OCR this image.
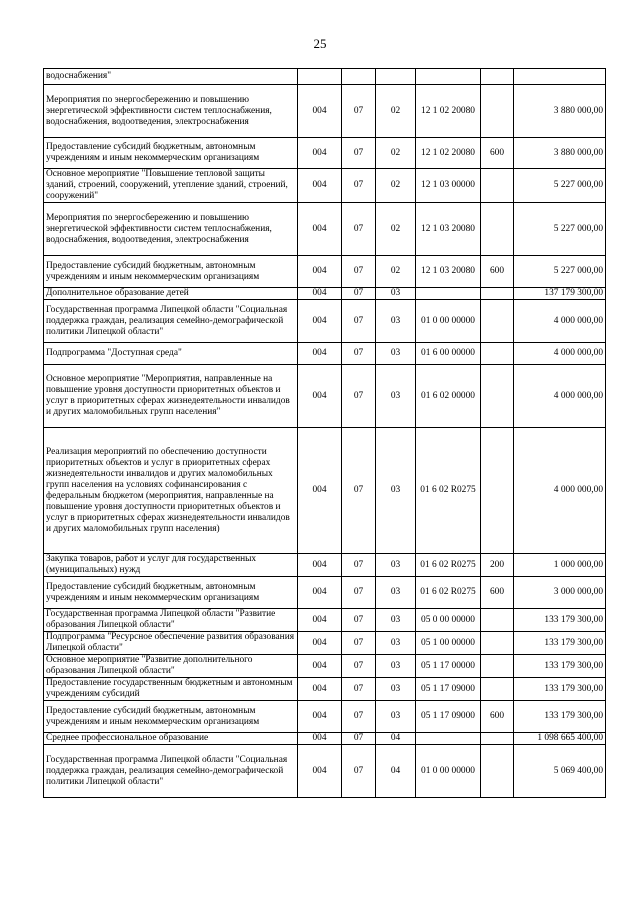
25
водоснабжения"						
Мероприятия по энергосбережению и повышению энергетической эффективности систем теплоснабжения, водоснабжения, водоотведения, электроснабжения	004	07	02	12 1 02 20080		3 880 000,00
Предоставление субсидий бюджетным, автономным учреждениям и иным некоммерческим организациям	004	07	02	12 1 02 20080	600	3 880 000,00
Основное мероприятие "Повышение тепловой защиты зданий, строений, сооружений, утепление зданий, строений, сооружений"	004	07	02	12 1 03 00000		5 227 000,00
Мероприятия по энергосбережению и повышению энергетической эффективности систем теплоснабжения, водоснабжения, водоотведения, электроснабжения	004	07	02	12 1 03 20080		5 227 000,00
Предоставление субсидий бюджетным, автономным учреждениям и иным некоммерческим организациям	004	07	02	12 1 03 20080	600	5 227 000,00
Дополнительное образование детей	004	07	03			137 179 300,00
Государственная программа Липецкой области "Социальная поддержка граждан, реализация семейно-демографической политики Липецкой области"	004	07	03	01 0 00 00000		4 000 000,00
Подпрограмма "Доступная среда"	004	07	03	01 6 00 00000		4 000 000,00
Основное мероприятие "Мероприятия, направленные на повышение уровня доступности приоритетных объектов и услуг в приоритетных сферах жизнедеятельности инвалидов и других маломобильных групп населения"	004	07	03	01 6 02 00000		4 000 000,00
Реализация мероприятий по обеспечению доступности приоритетных объектов и услуг в приоритетных сферах жизнедеятельности инвалидов и других маломобильных групп населения на условиях софинансирования с федеральным бюджетом (мероприятия, направленные на повышение уровня доступности приоритетных объектов и услуг в приоритетных сферах жизнедеятельности инвалидов и других маломобильных групп населения)	004	07	03	01 6 02 R0275		4 000 000,00
Закупка товаров, работ и услуг для государственных (муниципальных) нужд	004	07	03	01 6 02 R0275	200	1 000 000,00
Предоставление субсидий бюджетным, автономным учреждениям и иным некоммерческим организациям	004	07	03	01 6 02 R0275	600	3 000 000,00
Государственная программа Липецкой области "Развитие образования Липецкой области"	004	07	03	05 0 00 00000		133 179 300,00
Подпрограмма "Ресурсное обеспечение развития образования Липецкой области"	004	07	03	05 1 00 00000		133 179 300,00
Основное мероприятие "Развитие дополнительного образования Липецкой области"	004	07	03	05 1 17 00000		133 179 300,00
Предоставление государственным бюджетным и автономным учреждениям субсидий	004	07	03	05 1 17 09000		133 179 300,00
Предоставление субсидий бюджетным, автономным учреждениям и иным некоммерческим организациям	004	07	03	05 1 17 09000	600	133 179 300,00
Среднее профессиональное образование	004	07	04			1 098 665 400,00
Государственная программа Липецкой области "Социальная поддержка граждан, реализация семейно-демографической политики Липецкой области"	004	07	04	01 0 00 00000		5 069 400,00
